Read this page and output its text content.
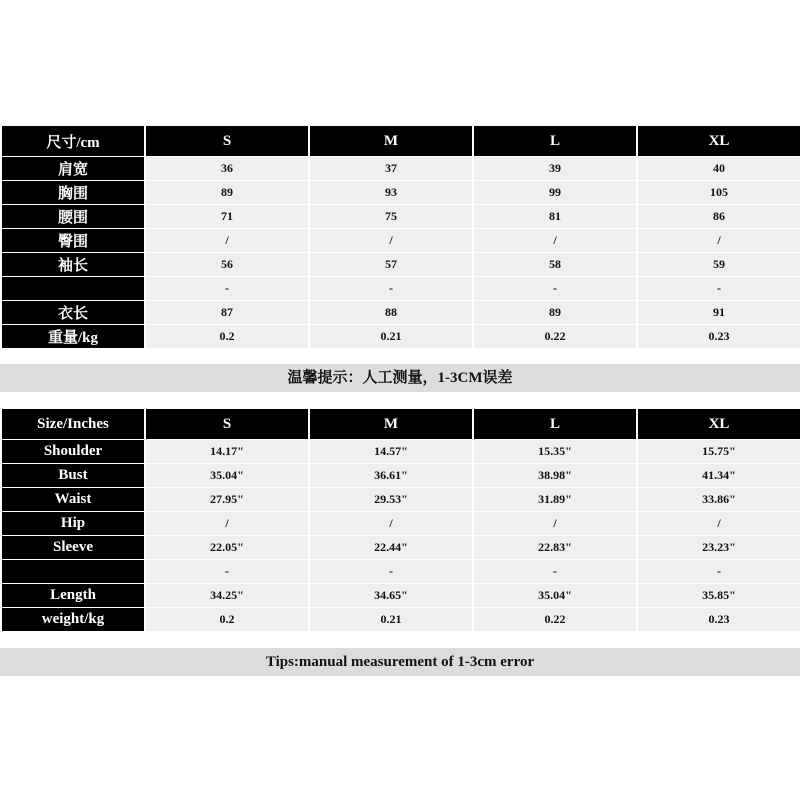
尺寸/cm	S	M	L	XL
肩宽	36	37	39	40
胸围	89	93	99	105
腰围	71	75	81	86
臀围	/	/	/	/
袖长	56	57	58	59
	-	-	-	-
衣长	87	88	89	91
重量/kg	0.2	0.21	0.22	0.23
温馨提示：人工测量，1-3CM误差
Size/Inches	S	M	L	XL
Shoulder	14.17"	14.57"	15.35"	15.75"
Bust	35.04"	36.61"	38.98"	41.34"
Waist	27.95"	29.53"	31.89"	33.86"
Hip	/	/	/	/
Sleeve	22.05"	22.44"	22.83"	23.23"
	-	-	-	-
Length	34.25"	34.65"	35.04"	35.85"
weight/kg	0.2	0.21	0.22	0.23
Tips:manual measurement of 1-3cm error
